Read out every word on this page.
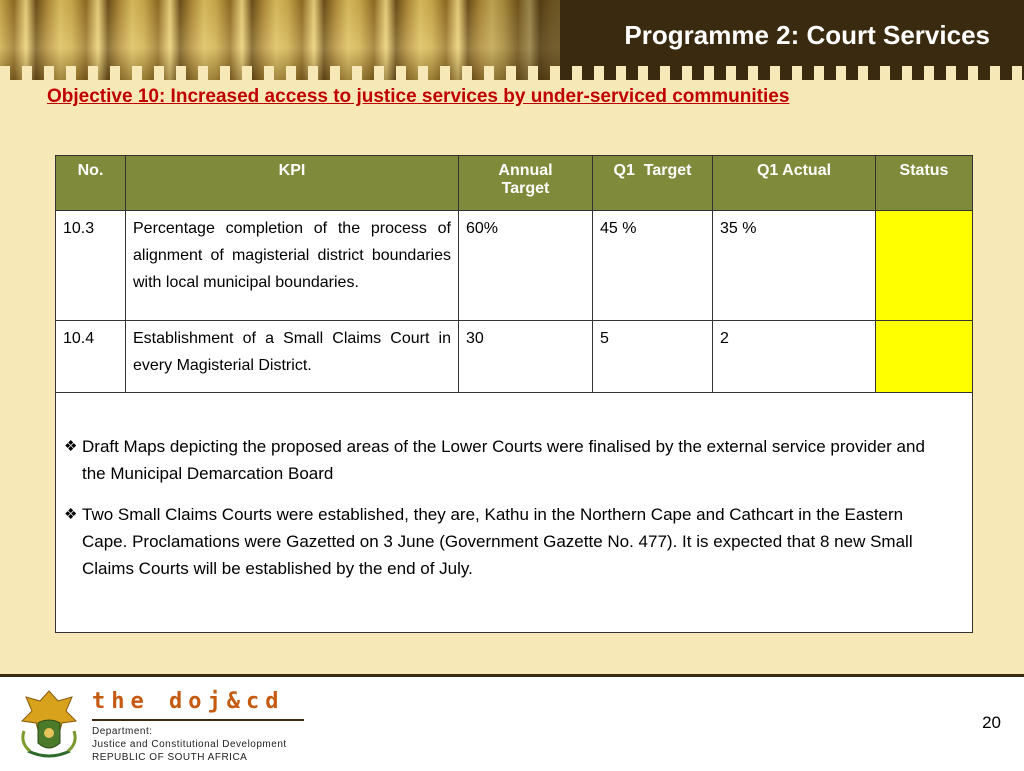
Programme 2: Court Services
Objective 10: Increased access to justice services by under-serviced communities
No.	KPI	Annual Target	Q1  Target	Q1 Actual	Status
10.3	Percentage completion of the process of alignment of magisterial district boundaries with local municipal boundaries.	60%	45 %	35 %	
10.4	Establishment of a Small Claims Court in every Magisterial District.	30	5	2	

❖ Draft Maps depicting the proposed areas of the Lower Courts were finalised by the external service provider and the Municipal Demarcation Board
❖ Two Small Claims Courts were established, they are, Kathu in the Northern Cape and Cathcart in the Eastern Cape. Proclamations were Gazetted on 3 June (Government Gazette No. 477). It is expected that 8 new Small Claims Courts will be established by the end of July.					
the doj&cd
Department:
Justice and Constitutional Development
REPUBLIC OF SOUTH AFRICA
20
